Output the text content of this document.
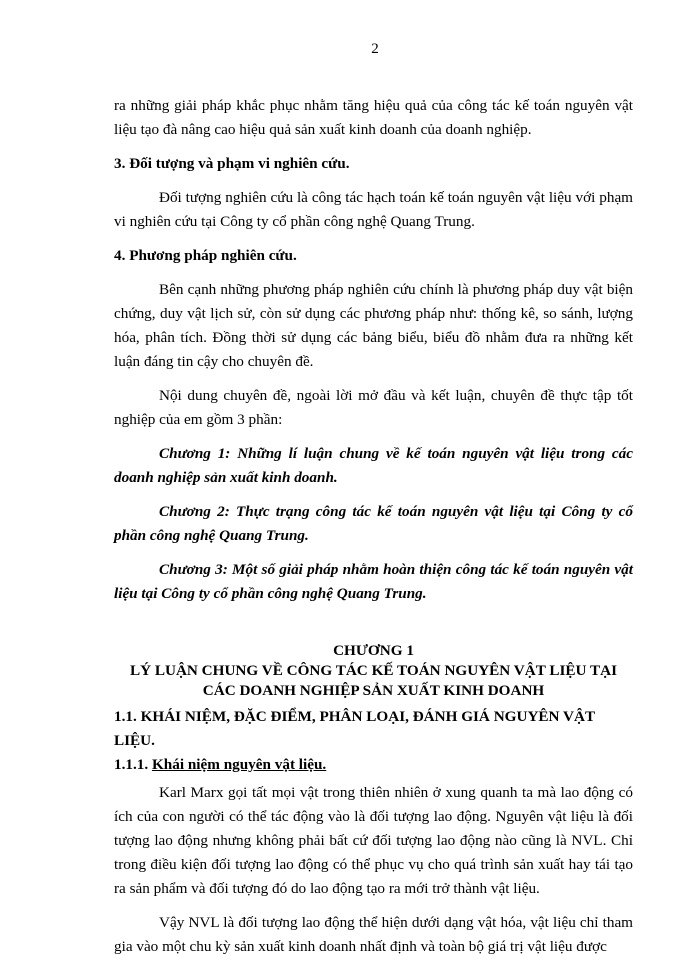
2

ra những giải pháp khắc phục nhằm tăng hiệu quả của công tác kế toán nguyên vật liệu tạo đà nâng cao hiệu quả sản xuất kinh doanh của doanh nghiệp.

3. Đối tượng và phạm vi nghiên cứu.

Đối tượng nghiên cứu là công tác hạch toán kế toán nguyên vật liệu với phạm vi nghiên cứu tại Công ty cổ phần công nghệ Quang Trung.

4. Phương pháp nghiên cứu.

Bên cạnh những phương pháp nghiên cứu chính là phương pháp duy vật biện chứng, duy vật lịch sử, còn sử dụng các phương pháp như: thống kê, so sánh, lượng hóa, phân tích. Đồng thời sử dụng các bảng biểu, biểu đồ nhằm đưa ra những kết luận đáng tin cậy cho chuyên đề.

Nội dung chuyên đề, ngoài lời mở đầu và kết luận, chuyên đề thực tập tốt nghiệp của em gồm 3 phần:

Chương 1: Những lí luận chung về kế toán nguyên vật liệu trong các doanh nghiệp sản xuất kinh doanh.
Chương 2: Thực trạng công tác kế toán nguyên vật liệu tại Công ty cổ phần công nghệ Quang Trung.
Chương 3: Một số giải pháp nhằm hoàn thiện công tác kế toán nguyên vật liệu tại Công ty cổ phần công nghệ Quang Trung.
CHƯƠNG 1
LÝ LUẬN CHUNG VỀ CÔNG TÁC KẾ TOÁN NGUYÊN VẬT LIỆU TẠI
CÁC DOANH NGHIỆP SẢN XUẤT KINH DOANH
1.1. KHÁI NIỆM, ĐẶC ĐIỂM, PHÂN LOẠI, ĐÁNH GIÁ NGUYÊN VẬT LIỆU.
1.1.1. Khái niệm nguyên vật liệu.

Karl Marx gọi tất mọi vật trong thiên nhiên ở xung quanh ta mà lao động có ích của con người có thể tác động vào là đối tượng lao động. Nguyên vật liệu là đối tượng lao động nhưng không phải bất cứ đối tượng lao động nào cũng là NVL. Chỉ trong điều kiện đối tượng lao động có thể phục vụ cho quá trình sản xuất hay tái tạo ra sản phẩm và đối tượng đó do lao động tạo ra mới trở thành vật liệu.

Vậy NVL là đối tượng lao động thể hiện dưới dạng vật hóa, vật liệu chỉ tham gia vào một chu kỳ sản xuất kinh doanh nhất định và toàn bộ giá trị vật liệu được
